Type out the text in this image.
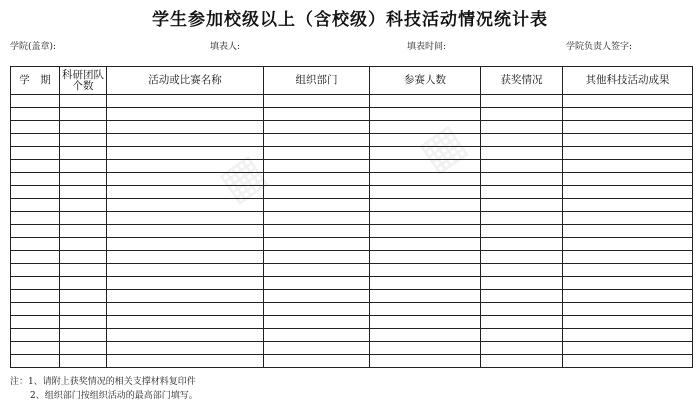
学生参加校级以上（含校级）科技活动情况统计表
学院(盖章):	填表人:	填表时间:	学院负责人签字:
▦	▦
学　期	科研团队个数	活动或比赛名称	组织部门	参赛人数	获奖情况	其他科技活动成果

注：1、请附上获奖情况的相关支撑材料复印件
2、组织部门按组织活动的最高部门填写。
